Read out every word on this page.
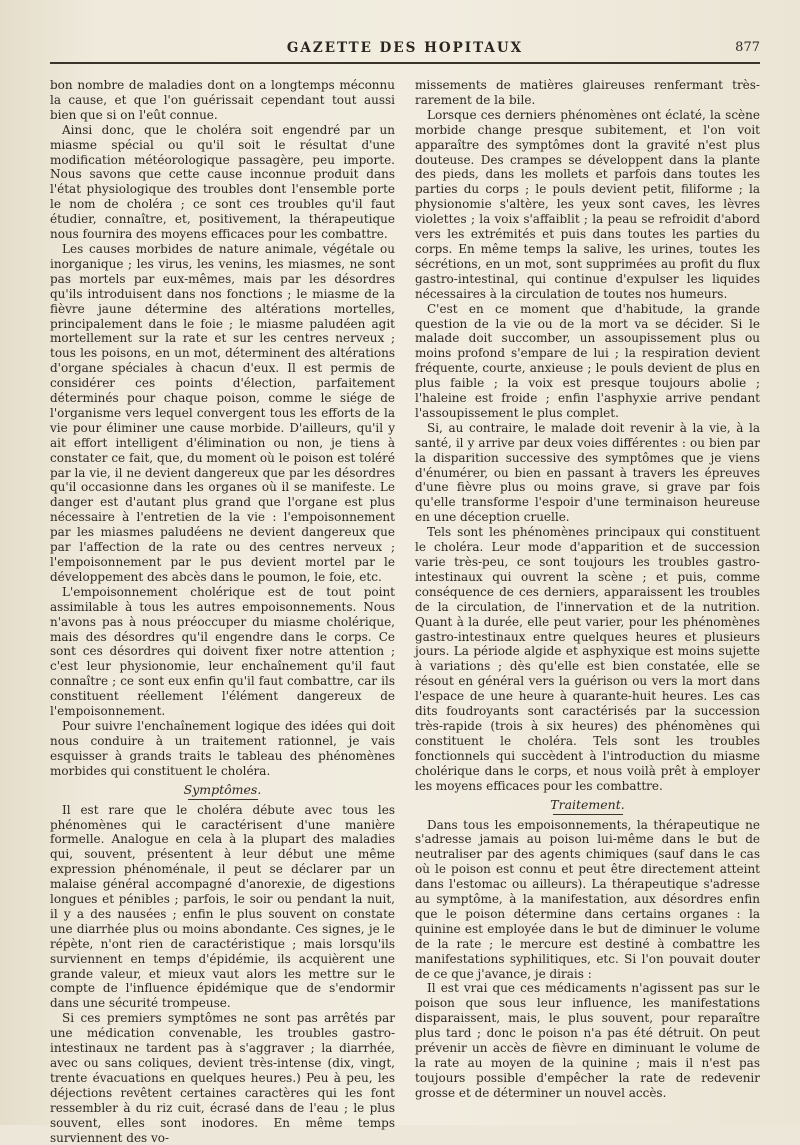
GAZETTE DES HOPITAUX	877

bon nombre de maladies dont on a longtemps méconnu la cause, et que l'on guérissait cependant tout aussi bien que si on l'eût connue.

Ainsi donc, que le choléra soit engendré par un miasme spécial ou qu'il soit le résultat d'une modification météorologique passagère, peu importe. Nous savons que cette cause inconnue produit dans l'état physiologique des troubles dont l'ensemble porte le nom de choléra ; ce sont ces troubles qu'il faut étudier, connaître, et, positivement, la thérapeutique nous fournira des moyens efficaces pour les combattre.

Les causes morbides de nature animale, végétale ou inorganique ; les virus, les venins, les miasmes, ne sont pas mortels par eux-mêmes, mais par les désordres qu'ils introduisent dans nos fonctions ; le miasme de la fièvre jaune détermine des altérations mortelles, principalement dans le foie ; le miasme paludéen agit mortellement sur la rate et sur les centres nerveux ; tous les poisons, en un mot, déterminent des altérations d'organe spéciales à chacun d'eux. Il est permis de considérer ces points d'élection, parfaitement déterminés pour chaque poison, comme le siége de l'organisme vers lequel convergent tous les efforts de la vie pour éliminer une cause morbide. D'ailleurs, qu'il y ait effort intelligent d'élimination ou non, je tiens à constater ce fait, que, du moment où le poison est toléré par la vie, il ne devient dangereux que par les désordres qu'il occasionne dans les organes où il se manifeste. Le danger est d'autant plus grand que l'organe est plus nécessaire à l'entretien de la vie : l'empoisonnement par les miasmes paludéens ne devient dangereux que par l'affection de la rate ou des centres nerveux ; l'empoisonnement par le pus devient mortel par le développement des abcès dans le poumon, le foie, etc.

L'empoisonnement cholérique est de tout point assimilable à tous les autres empoisonnements. Nous n'avons pas à nous préoccuper du miasme cholérique, mais des désordres qu'il engendre dans le corps. Ce sont ces désordres qui doivent fixer notre attention ; c'est leur physionomie, leur enchaînement qu'il faut connaître ; ce sont eux enfin qu'il faut combattre, car ils constituent réellement l'élément dangereux de l'empoisonnement.

Pour suivre l'enchaînement logique des idées qui doit nous conduire à un traitement rationnel, je vais esquisser à grands traits le tableau des phénomènes morbides qui constituent le choléra.

Symptômes.

Il est rare que le choléra débute avec tous les phénomènes qui le caractérisent d'une manière formelle. Analogue en cela à la plupart des maladies qui, souvent, présentent à leur début une même expression phénoménale, il peut se déclarer par un malaise général accompagné d'anorexie, de digestions longues et pénibles ; parfois, le soir ou pendant la nuit, il y a des nausées ; enfin le plus souvent on constate une diarrhée plus ou moins abondante. Ces signes, je le répète, n'ont rien de caractéristique ; mais lorsqu'ils surviennent en temps d'épidémie, ils acquièrent une grande valeur, et mieux vaut alors les mettre sur le compte de l'influence épidémique que de s'endormir dans une sécurité trompeuse.

Si ces premiers symptômes ne sont pas arrêtés par une médication convenable, les troubles gastro-intestinaux ne tardent pas à s'aggraver ; la diarrhée, avec ou sans coliques, devient très-intense (dix, vingt, trente évacuations en quelques heures.) Peu à peu, les déjections revêtent certaines caractères qui les font ressembler à du riz cuit, écrasé dans de l'eau ; le plus souvent, elles sont inodores. En même temps surviennent des vo-

missements de matières glaireuses renfermant très-rarement de la bile.

Lorsque ces derniers phénomènes ont éclaté, la scène morbide change presque subitement, et l'on voit apparaître des symptômes dont la gravité n'est plus douteuse. Des crampes se développent dans la plante des pieds, dans les mollets et parfois dans toutes les parties du corps ; le pouls devient petit, filiforme ; la physionomie s'altère, les yeux sont caves, les lèvres violettes ; la voix s'affaiblit ; la peau se refroidit d'abord vers les extrémités et puis dans toutes les parties du corps. En même temps la salive, les urines, toutes les sécrétions, en un mot, sont supprimées au profit du flux gastro-intestinal, qui continue d'expulser les liquides nécessaires à la circulation de toutes nos humeurs.

C'est en ce moment que d'habitude, la grande question de la vie ou de la mort va se décider. Si le malade doit succomber, un assoupissement plus ou moins profond s'empare de lui ; la respiration devient fréquente, courte, anxieuse ; le pouls devient de plus en plus faible ; la voix est presque toujours abolie ; l'haleine est froide ; enfin l'asphyxie arrive pendant l'assoupissement le plus complet.

Si, au contraire, le malade doit revenir à la vie, à la santé, il y arrive par deux voies différentes : ou bien par la disparition successive des symptômes que je viens d'énumérer, ou bien en passant à travers les épreuves d'une fièvre plus ou moins grave, si grave par fois qu'elle transforme l'espoir d'une terminaison heureuse en une déception cruelle.

Tels sont les phénomènes principaux qui constituent le choléra. Leur mode d'apparition et de succession varie très-peu, ce sont toujours les troubles gastro-intestinaux qui ouvrent la scène ; et puis, comme conséquence de ces derniers, apparaissent les troubles de la circulation, de l'innervation et de la nutrition. Quant à la durée, elle peut varier, pour les phénomènes gastro-intestinaux entre quelques heures et plusieurs jours. La période algide et asphyxique est moins sujette à variations ; dès qu'elle est bien constatée, elle se résout en général vers la guérison ou vers la mort dans l'espace de une heure à quarante-huit heures. Les cas dits foudroyants sont caractérisés par la succession très-rapide (trois à six heures) des phénomènes qui constituent le choléra. Tels sont les troubles fonctionnels qui succèdent à l'introduction du miasme cholérique dans le corps, et nous voilà prêt à employer les moyens efficaces pour les combattre.

Traitement.

Dans tous les empoisonnements, la thérapeutique ne s'adresse jamais au poison lui-même dans le but de neutraliser par des agents chimiques (sauf dans le cas où le poison est connu et peut être directement atteint dans l'estomac ou ailleurs). La thérapeutique s'adresse au symptôme, à la manifestation, aux désordres enfin que le poison détermine dans certains organes : la quinine est employée dans le but de diminuer le volume de la rate ; le mercure est destiné à combattre les manifestations syphilitiques, etc. Si l'on pouvait douter de ce que j'avance, je dirais :

Il est vrai que ces médicaments n'agissent pas sur le poison que sous leur influence, les manifestations disparaissent, mais, le plus souvent, pour reparaître plus tard ; donc le poison n'a pas été détruit. On peut prévenir un accès de fièvre en diminuant le volume de la rate au moyen de la quinine ; mais il n'est pas toujours possible d'empêcher la rate de redevenir grosse et de déterminer un nouvel accès.
